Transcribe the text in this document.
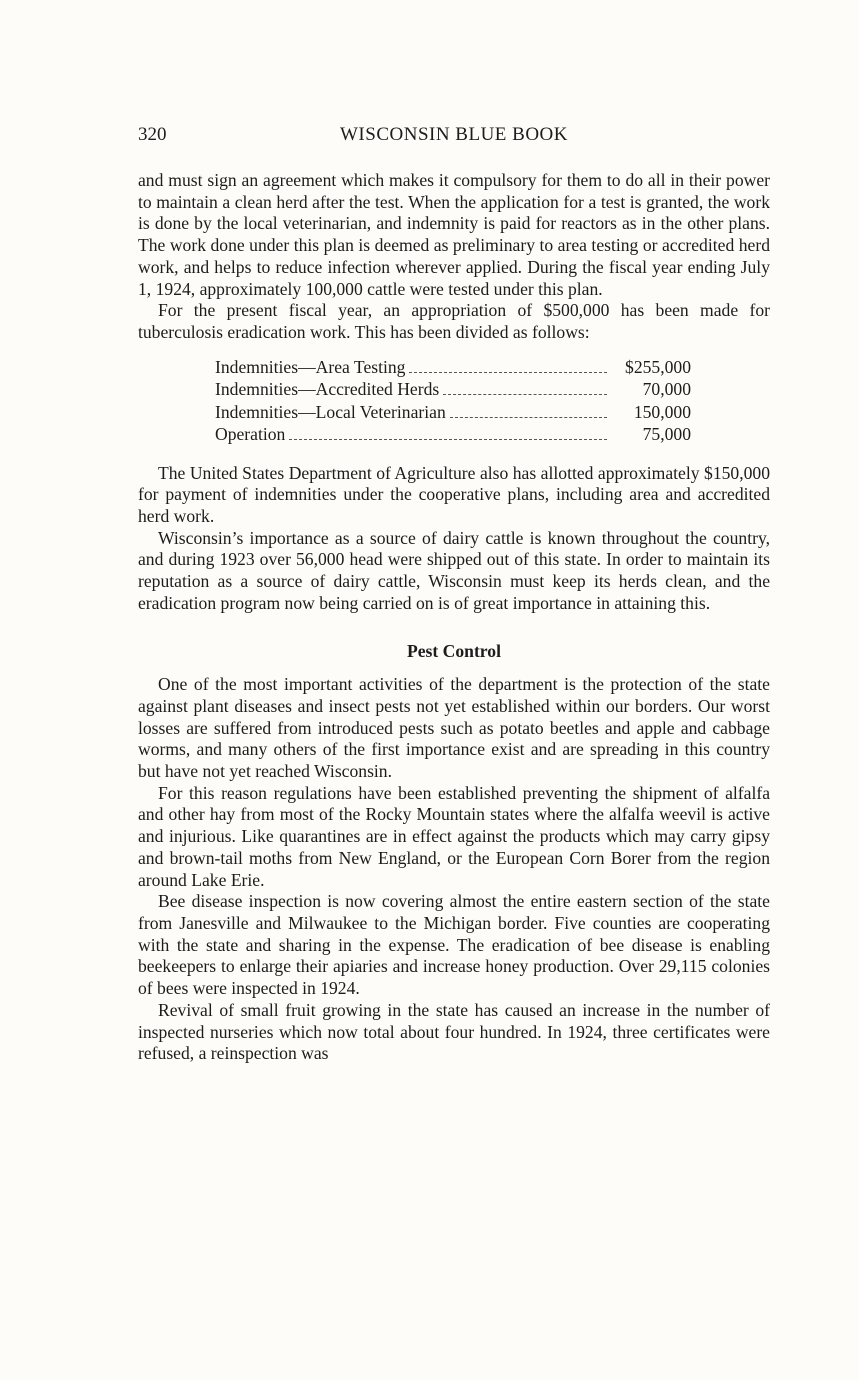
320	WISCONSIN BLUE BOOK

and must sign an agreement which makes it compulsory for them to do all in their power to maintain a clean herd after the test. When the application for a test is granted, the work is done by the local veterinarian, and indemnity is paid for reactors as in the other plans. The work done under this plan is deemed as preliminary to area testing or accredited herd work, and helps to reduce infection wherever applied. During the fiscal year ending July 1, 1924, approximately 100,000 cattle were tested under this plan.

For the present fiscal year, an appropriation of $500,000 has been made for tuberculosis eradication work. This has been divided as follows:

Indemnities—Area Testing	$255,000
Indemnities—Accredited Herds	70,000
Indemnities—Local Veterinarian	150,000
Operation	75,000

The United States Department of Agriculture also has allotted approximately $150,000 for payment of indemnities under the cooperative plans, including area and accredited herd work.

Wisconsin’s importance as a source of dairy cattle is known throughout the country, and during 1923 over 56,000 head were shipped out of this state. In order to maintain its reputation as a source of dairy cattle, Wisconsin must keep its herds clean, and the eradication program now being carried on is of great importance in attaining this.

Pest Control

One of the most important activities of the department is the protection of the state against plant diseases and insect pests not yet established within our borders. Our worst losses are suffered from introduced pests such as potato beetles and apple and cabbage worms, and many others of the first importance exist and are spreading in this country but have not yet reached Wisconsin.

For this reason regulations have been established preventing the shipment of alfalfa and other hay from most of the Rocky Mountain states where the alfalfa weevil is active and injurious. Like quarantines are in effect against the products which may carry gipsy and brown-tail moths from New England, or the European Corn Borer from the region around Lake Erie.

Bee disease inspection is now covering almost the entire eastern section of the state from Janesville and Milwaukee to the Michigan border. Five counties are cooperating with the state and sharing in the expense. The eradication of bee disease is enabling beekeepers to enlarge their apiaries and increase honey production. Over 29,115 colonies of bees were inspected in 1924.

Revival of small fruit growing in the state has caused an increase in the number of inspected nurseries which now total about four hundred. In 1924, three certificates were refused, a reinspection was
